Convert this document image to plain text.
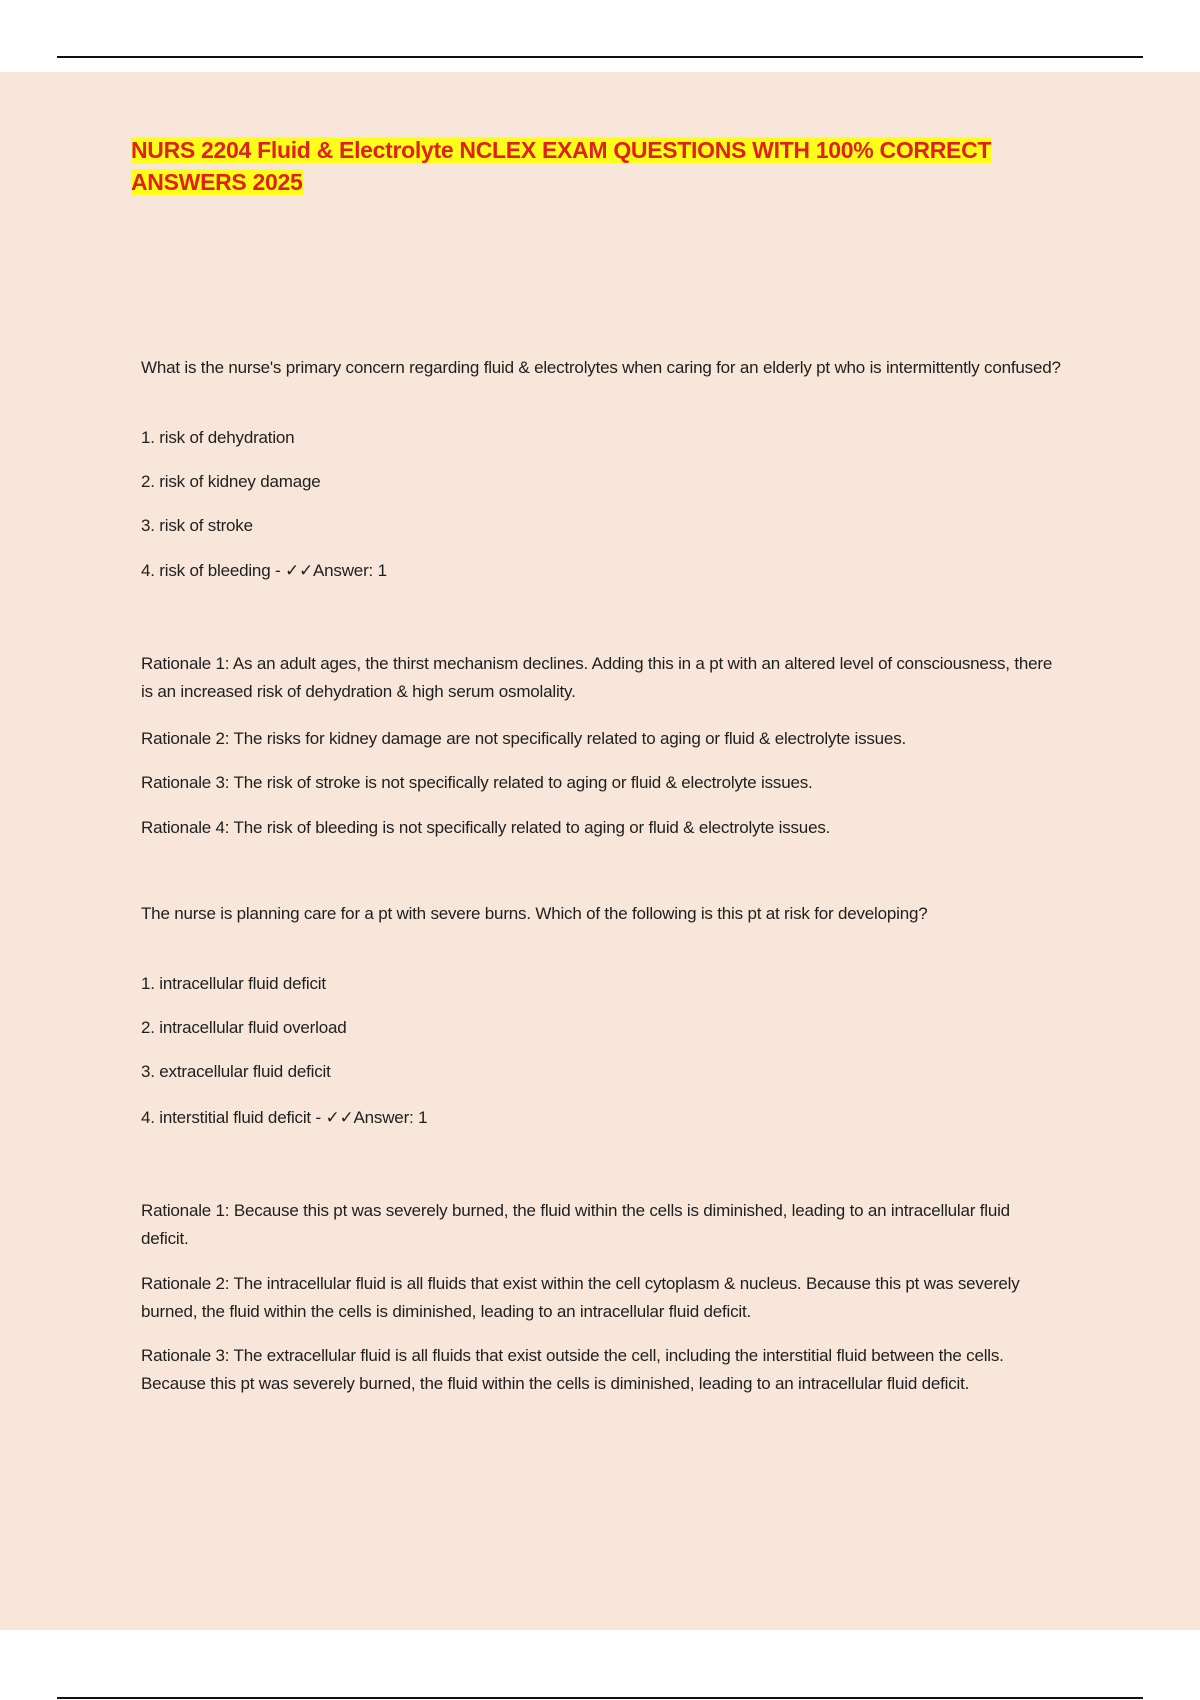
NURS 2204 Fluid & Electrolyte NCLEX EXAM QUESTIONS WITH 100% CORRECT ANSWERS 2025

What is the nurse's primary concern regarding fluid & electrolytes when caring for an elderly pt who is intermittently confused?

1. risk of dehydration

2. risk of kidney damage

3. risk of stroke

4. risk of bleeding - ✓✓Answer: 1

Rationale 1: As an adult ages, the thirst mechanism declines. Adding this in a pt with an altered level of consciousness, there is an increased risk of dehydration & high serum osmolality.

Rationale 2: The risks for kidney damage are not specifically related to aging or fluid & electrolyte issues.

Rationale 3: The risk of stroke is not specifically related to aging or fluid & electrolyte issues.

Rationale 4: The risk of bleeding is not specifically related to aging or fluid & electrolyte issues.

The nurse is planning care for a pt with severe burns. Which of the following is this pt at risk for developing?

1. intracellular fluid deficit

2. intracellular fluid overload

3. extracellular fluid deficit

4. interstitial fluid deficit - ✓✓Answer: 1

Rationale 1: Because this pt was severely burned, the fluid within the cells is diminished, leading to an intracellular fluid deficit.

Rationale 2: The intracellular fluid is all fluids that exist within the cell cytoplasm & nucleus. Because this pt was severely burned, the fluid within the cells is diminished, leading to an intracellular fluid deficit.

Rationale 3: The extracellular fluid is all fluids that exist outside the cell, including the interstitial fluid between the cells. Because this pt was severely burned, the fluid within the cells is diminished, leading to an intracellular fluid deficit.
